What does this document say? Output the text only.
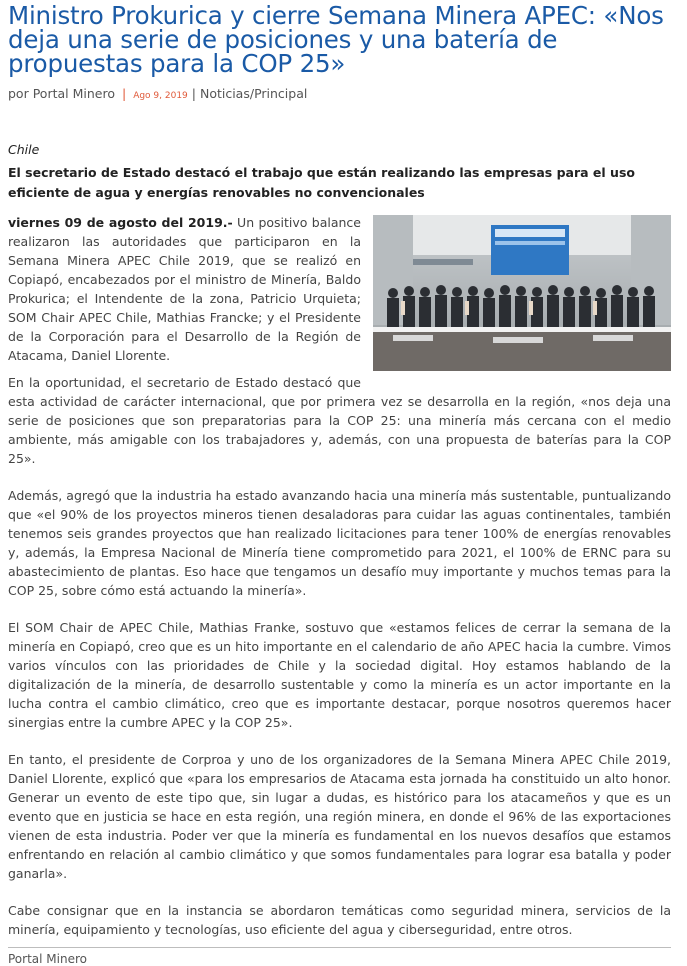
Ministro Prokurica y cierre Semana Minera APEC: «Nos deja una serie de posiciones y una batería de propuestas para la COP 25»
por Portal Minero | Ago 9, 2019 | Noticias/Principal
Chile
El secretario de Estado destacó el trabajo que están realizando las empresas para el uso eficiente de agua y energías renovables no convencionales

viernes 09 de agosto del 2019.- Un positivo balance realizaron las autoridades que participaron en la Semana Minera APEC Chile 2019, que se realizó en Copiapó, encabezados por el ministro de Minería, Baldo Prokurica; el Intendente de la zona, Patricio Urquieta; SOM Chair APEC Chile, Mathias Francke; y el Presidente de la Corporación para el Desarrollo de la Región de Atacama, Daniel Llorente.

En la oportunidad, el secretario de Estado destacó que esta actividad de carácter internacional, que por primera vez se desarrolla en la región, «nos deja una serie de posiciones que son preparatorias para la COP 25: una minería más cercana con el medio ambiente, más amigable con los trabajadores y, además, con una propuesta de baterías para la COP 25».

Además, agregó que la industria ha estado avanzando hacia una minería más sustentable, puntualizando que «el 90% de los proyectos mineros tienen desaladoras para cuidar las aguas continentales, también tenemos seis grandes proyectos que han realizado licitaciones para tener 100% de energías renovables y, además, la Empresa Nacional de Minería tiene comprometido para 2021, el 100% de ERNC para su abastecimiento de plantas. Eso hace que tengamos un desafío muy importante y muchos temas para la COP 25, sobre cómo está actuando la minería».

El SOM Chair de APEC Chile, Mathias Franke, sostuvo que «estamos felices de cerrar la semana de la minería en Copiapó, creo que es un hito importante en el calendario de año APEC hacia la cumbre. Vimos varios vínculos con las prioridades de Chile y la sociedad digital. Hoy estamos hablando de la digitalización de la minería, de desarrollo sustentable y como la minería es un actor importante en la lucha contra el cambio climático, creo que es importante destacar, porque nosotros queremos hacer sinergias entre la cumbre APEC y la COP 25».

En tanto, el presidente de Corproa y uno de los organizadores de la Semana Minera APEC Chile 2019, Daniel Llorente, explicó que «para los empresarios de Atacama esta jornada ha constituido un alto honor. Generar un evento de este tipo que, sin lugar a dudas, es histórico para los atacameños y que es un evento que en justicia se hace en esta región, una región minera, en donde el 96% de las exportaciones vienen de esta industria. Poder ver que la minería es fundamental en los nuevos desafíos que estamos enfrentando en relación al cambio climático y que somos fundamentales para lograr esa batalla y poder ganarla».

Cabe consignar que en la instancia se abordaron temáticas como seguridad minera, servicios de la minería, equipamiento y tecnologías, uso eficiente del agua y ciberseguridad, entre otros.

Portal Minero
